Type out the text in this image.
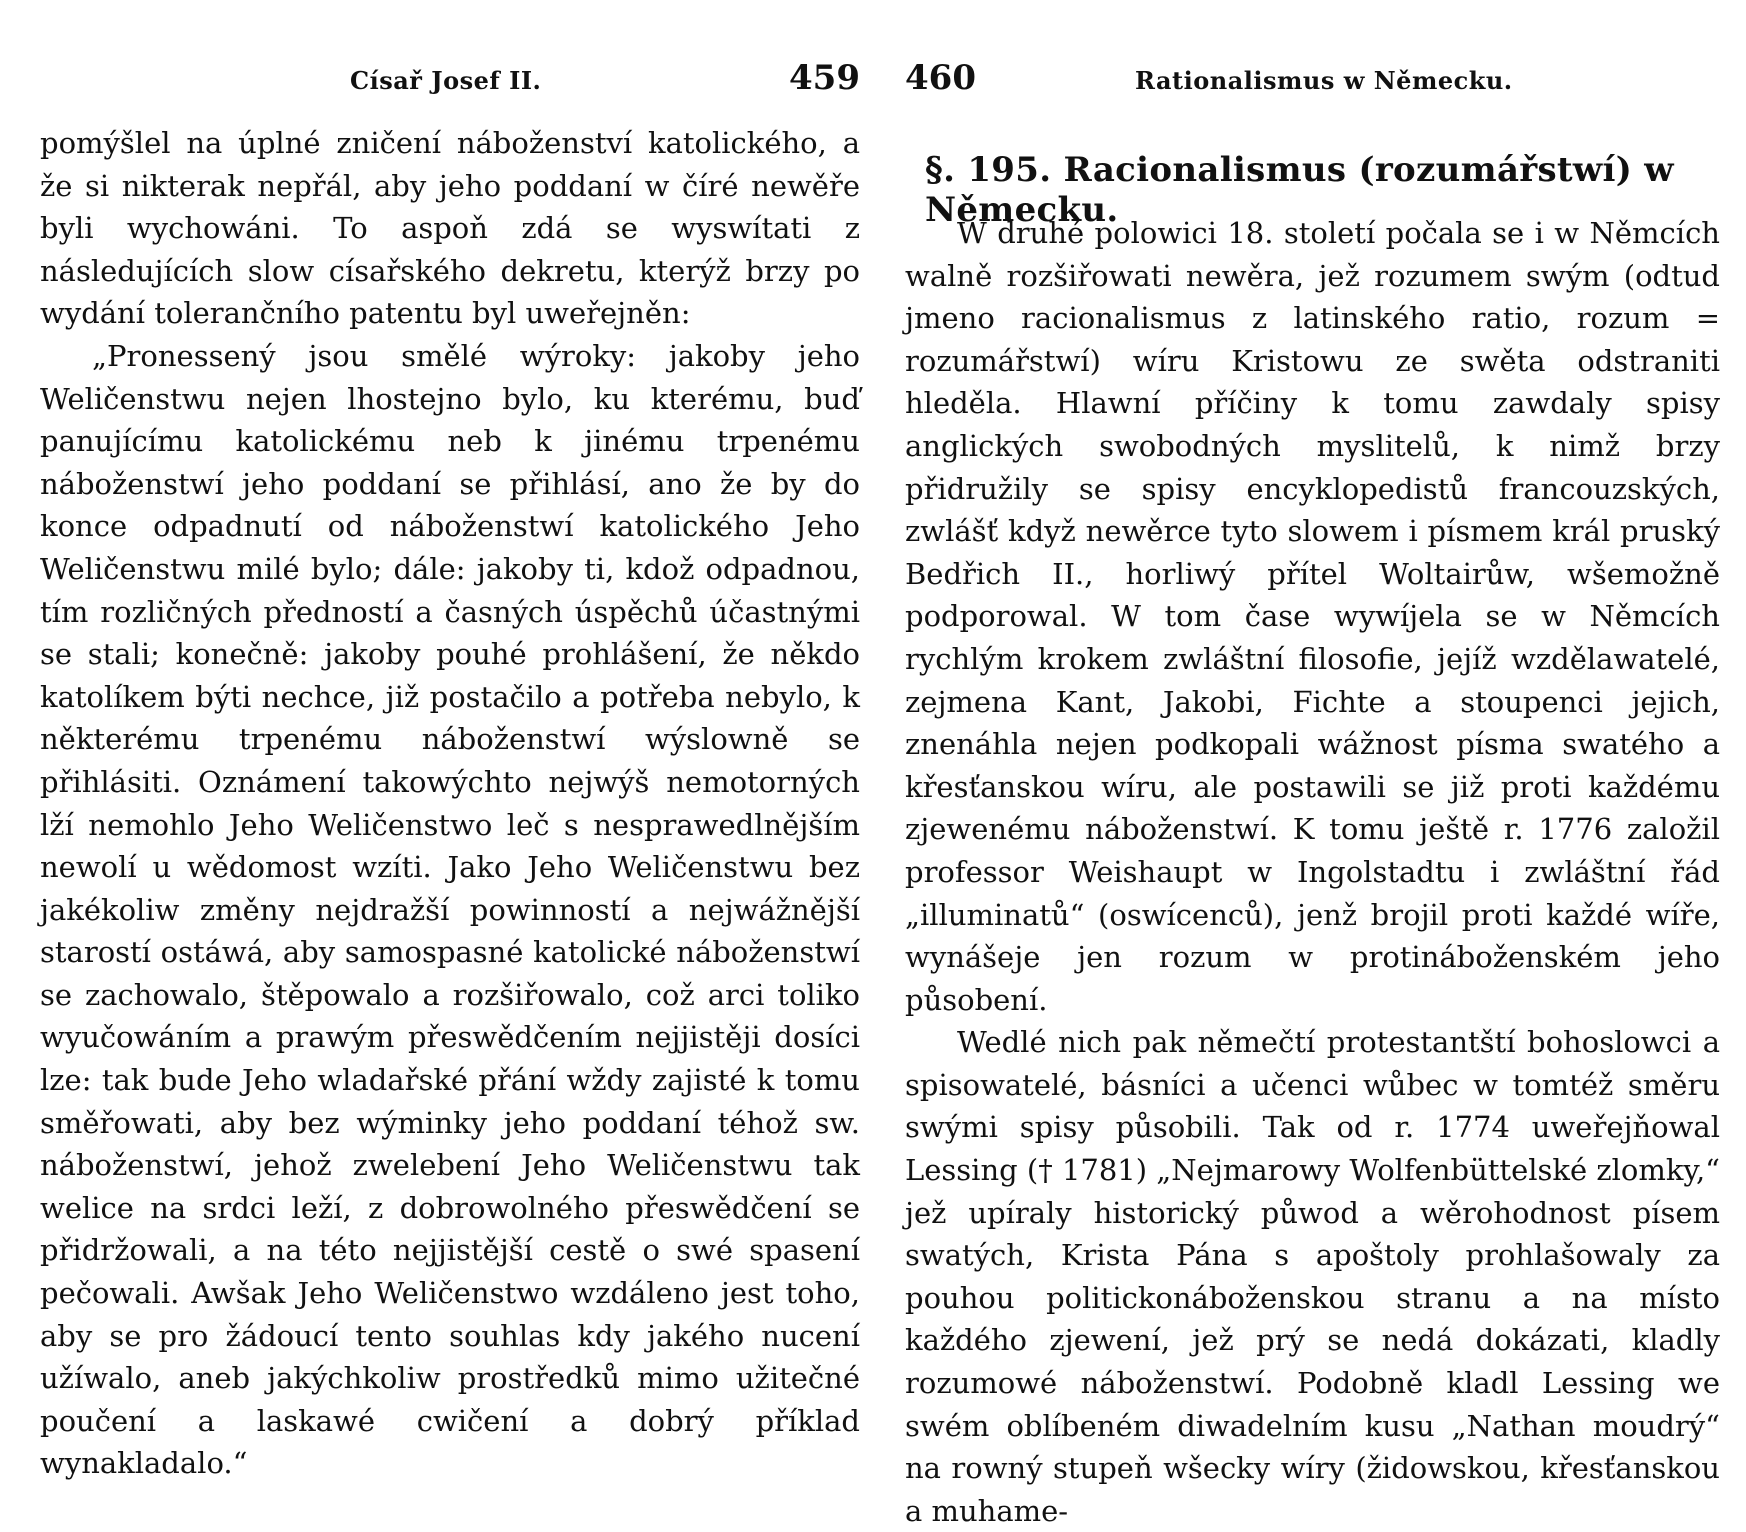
Císař Josef II.	459

pomýšlel na úplné zničení náboženství katolického, a že si nikterak nepřál, aby jeho poddaní w číré newěře byli wychowáni. To aspoň zdá se wyswítati z následujících slow císařského dekretu, kterýž brzy po wydání tolerančního patentu byl uweřejněn:

„Pronessený jsou smělé wýroky: jakoby jeho Weličenstwu nejen lhostejno bylo, ku kterému, buď panujícímu katolickému neb k jinému trpenému náboženstwí jeho poddaní se přihlásí, ano že by do konce odpadnutí od náboženstwí katolického Jeho Weličenstwu milé bylo; dále: jakoby ti, kdož odpadnou, tím rozličných předností a časných úspěchů účastnými se stali; konečně: jakoby pouhé prohlášení, že někdo katolíkem býti nechce, již postačilo a potřeba nebylo, k některému trpenému náboženstwí wýslowně se přihlásiti. Oznámení takowýchto nejwýš nemotorných lží nemohlo Jeho Weličenstwo leč s nesprawedlnějším newolí u wědomost wzíti. Jako Jeho Weličenstwu bez jakékoliw změny nejdražší powinností a nejwážnější starostí ostáwá, aby samospasné katolické náboženstwí se zachowalo, štěpowalo a rozšiřowalo, což arci toliko wyučowáním a prawým přeswědčením nejjistěji dosíci lze: tak bude Jeho wladařské přání wždy zajisté k tomu směřowati, aby bez wýminky jeho poddaní téhož sw. náboženstwí, jehož zwelebení Jeho Weličenstwu tak welice na srdci leží, z dobrowolného přeswědčení se přidržowali, a na této nejjistější cestě o swé spasení pečowali. Awšak Jeho Weličenstwo wzdáleno jest toho, aby se pro žádoucí tento souhlas kdy jakého nucení užíwalo, aneb jakýchkoliw prostředků mimo užitečné poučení a laskawé cwičení a dobrý příklad wynakladalo.“

460	Rationalismus w Německu.
§. 195. Racionalismus (rozumářstwí) w Německu.

W druhé polowici 18. století počala se i w Němcích walně rozšiřowati newěra, jež rozumem swým (odtud jmeno racionalismus z latinského ratio, rozum = rozumářstwí) wíru Kristowu ze swěta odstraniti hleděla. Hlawní příčiny k tomu zawdaly spisy anglických swobodných myslitelů, k nimž brzy přidružily se spisy encyklopedistů francouzských, zwlášť když newěrce tyto slowem i písmem král pruský Bedřich II., horliwý přítel Woltairůw, wšemožně podporowal. W tom čase wywíjela se w Němcích rychlým krokem zwláštní filosofie, jejíž wzdělawatelé, zejmena Kant, Jakobi, Fichte a stoupenci jejich, znenáhla nejen podkopali wážnost písma swatého a křesťanskou wíru, ale postawili se již proti každému zjewenému náboženstwí. K tomu ještě r. 1776 založil professor Weishaupt w Ingolstadtu i zwláštní řád „illuminatů“ (oswícenců), jenž brojil proti každé wíře, wynášeje jen rozum w protináboženském jeho působení.

Wedlé nich pak němečtí protestantští bohoslowci a spisowatelé, básníci a učenci wůbec w tomtéž směru swými spisy působili. Tak od r. 1774 uweřejňowal Lessing († 1781) „Nejmarowy Wolfenbüttelské zlomky,“ jež upíraly historický půwod a wěrohodnost písem swatých, Krista Pána s apoštoly prohlašowaly za pouhou politickonáboženskou stranu a na místo každého zjewení, jež prý se nedá dokázati, kladly rozumowé náboženstwí. Podobně kladl Lessing we swém oblíbeném diwadelním kusu „Nathan moudrý“ na rowný stupeň wšecky wíry (židowskou, křesťanskou a muhame-
